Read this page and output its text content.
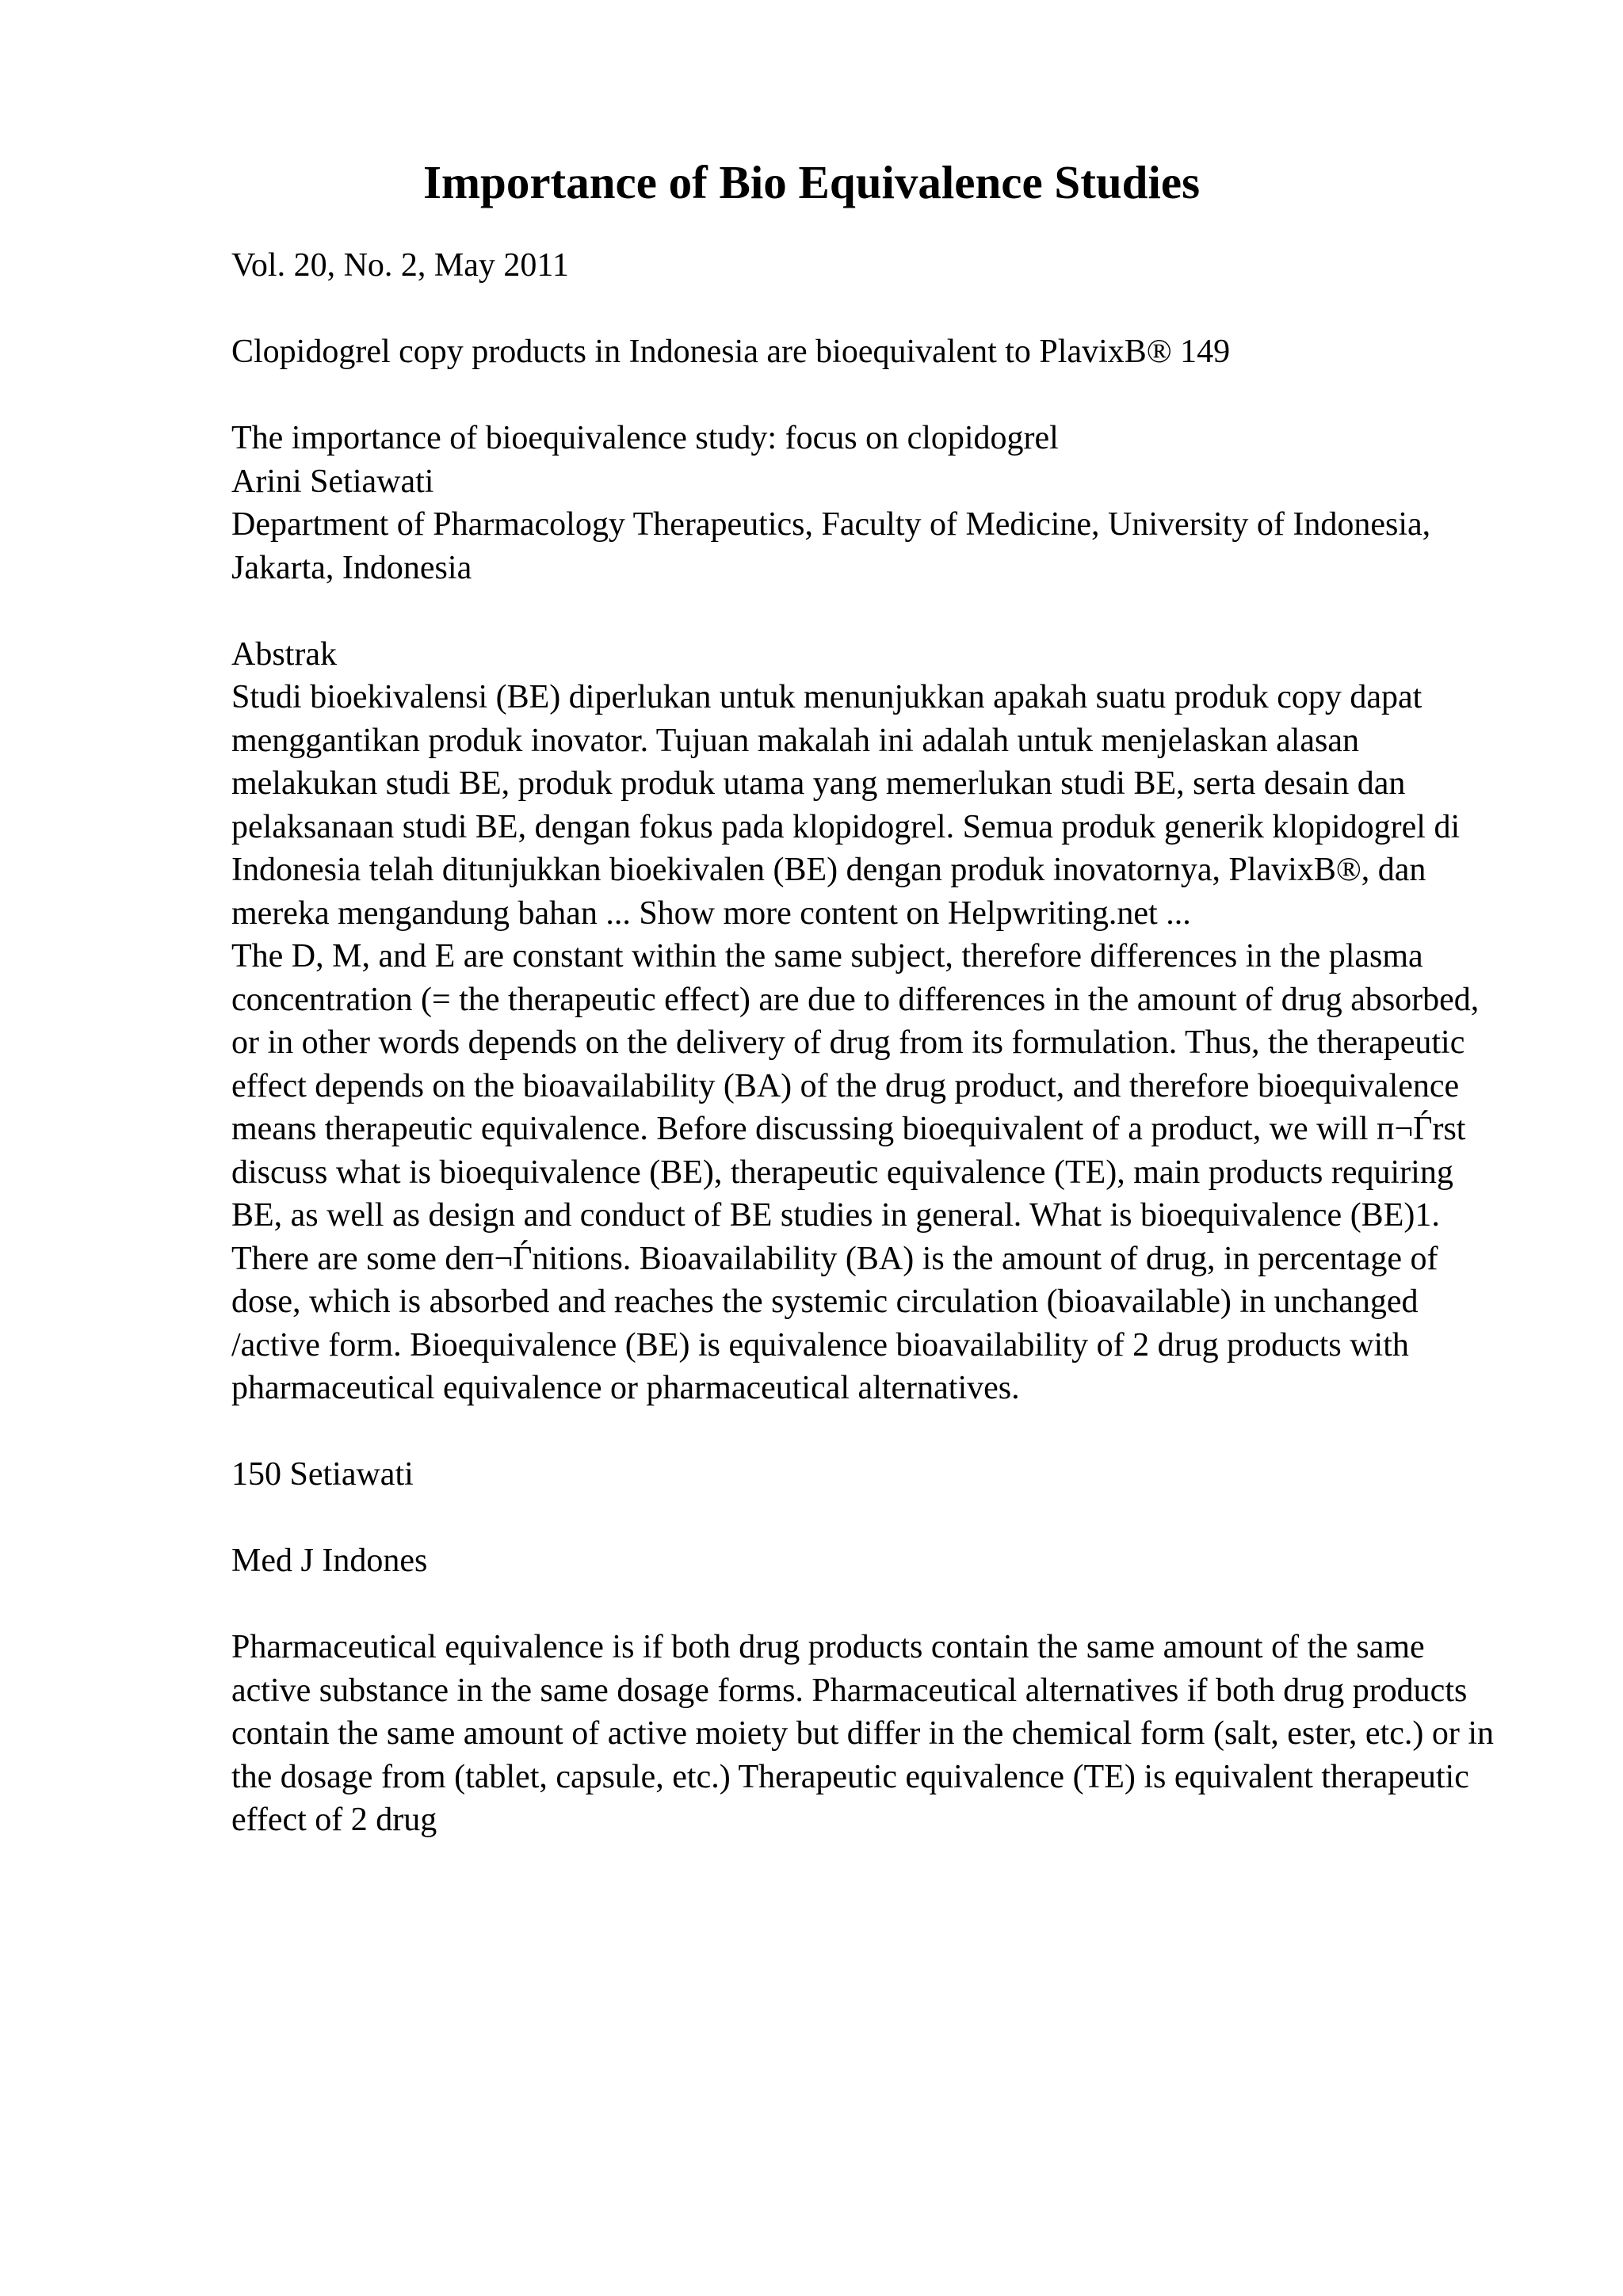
Importance of Bio Equivalence Studies

Vol. 20, No. 2, May 2011

Clopidogrel copy products in Indonesia are bioequivalent to PlavixB® 149

The importance of bioequivalence study: focus on clopidogrel

Arini Setiawati

Department of Pharmacology Therapeutics, Faculty of Medicine, University of Indonesia, Jakarta, Indonesia

Abstrak

Studi bioekivalensi (BE) diperlukan untuk menunjukkan apakah suatu produk copy dapat menggantikan produk inovator. Tujuan makalah ini adalah untuk menjelaskan alasan melakukan studi BE, produk produk utama yang memerlukan studi BE, serta desain dan pelaksanaan studi BE, dengan fokus pada klopidogrel. Semua produk generik klopidogrel di Indonesia telah ditunjukkan bioekivalen (BE) dengan produk inovatornya, PlavixB®, dan mereka mengandung bahan ... Show more content on Helpwriting.net ...

The D, M, and E are constant within the same subject, therefore differences in the plasma concentration (= the therapeutic effect) are due to differences in the amount of drug absorbed, or in other words depends on the delivery of drug from its formulation. Thus, the therapeutic effect depends on the bioavailability (BA) of the drug product, and therefore bioequivalence means therapeutic equivalence. Before discussing bioequivalent of a product, we will п¬Ѓrst discuss what is bioequivalence (BE), therapeutic equivalence (TE), main products requiring BE, as well as design and conduct of BE studies in general. What is bioequivalence (BE)1. There are some deп¬Ѓnitions. Bioavailability (BA) is the amount of drug, in percentage of dose, which is absorbed and reaches the systemic circulation (bioavailable) in unchanged /active form. Bioequivalence (BE) is equivalence bioavailability of 2 drug products with pharmaceutical equivalence or pharmaceutical alternatives.

150 Setiawati

Med J Indones

Pharmaceutical equivalence is if both drug products contain the same amount of the same active substance in the same dosage forms. Pharmaceutical alternatives if both drug products contain the same amount of active moiety but differ in the chemical form (salt, ester, etc.) or in the dosage from (tablet, capsule, etc.) Therapeutic equivalence (TE) is equivalent therapeutic effect of 2 drug
